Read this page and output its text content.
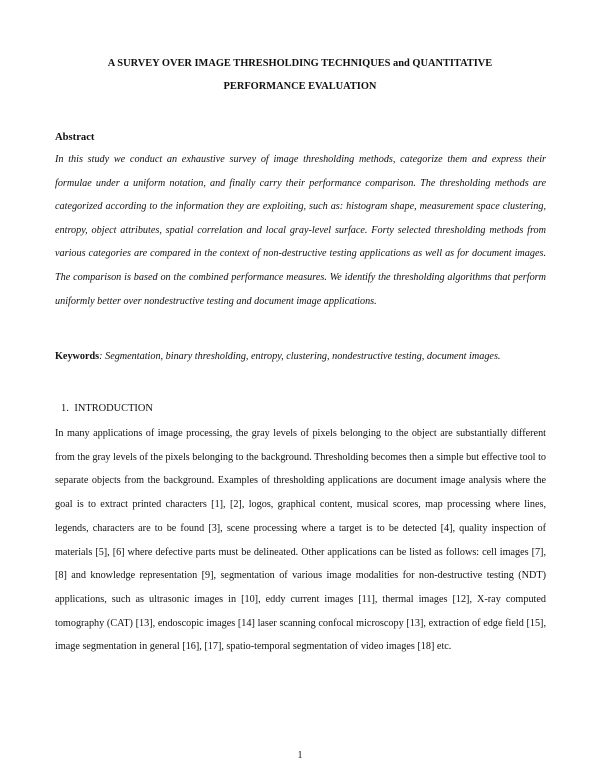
A SURVEY OVER IMAGE THRESHOLDING TECHNIQUES and QUANTITATIVE
PERFORMANCE EVALUATION
Abstract
In this study we conduct an exhaustive survey of image thresholding methods, categorize them and express their formulae under a uniform notation, and finally carry their performance comparison. The thresholding methods are categorized according to the information they are exploiting, such as: histogram shape, measurement space clustering, entropy, object attributes, spatial correlation and local gray-level surface. Forty selected thresholding methods from various categories are compared in the context of non-destructive testing applications as well as for document images. The comparison is based on the combined performance measures. We identify the thresholding algorithms that perform uniformly better over nondestructive testing and document image applications.
Keywords: Segmentation, binary thresholding, entropy, clustering, nondestructive testing, document images.
1. INTRODUCTION
In many applications of image processing, the gray levels of pixels belonging to the object are substantially different from the gray levels of the pixels belonging to the background. Thresholding becomes then a simple but effective tool to separate objects from the background. Examples of thresholding applications are document image analysis where the goal is to extract printed characters [1], [2], logos, graphical content, musical scores, map processing where lines, legends, characters are to be found [3], scene processing where a target is to be detected [4], quality inspection of materials [5], [6] where defective parts must be delineated. Other applications can be listed as follows: cell images [7], [8] and knowledge representation [9], segmentation of various image modalities for non-destructive testing (NDT) applications, such as ultrasonic images in [10], eddy current images [11], thermal images [12], X-ray computed tomography (CAT) [13], endoscopic images [14] laser scanning confocal microscopy [13], extraction of edge field [15], image segmentation in general [16], [17], spatio-temporal segmentation of video images [18] etc.
1
